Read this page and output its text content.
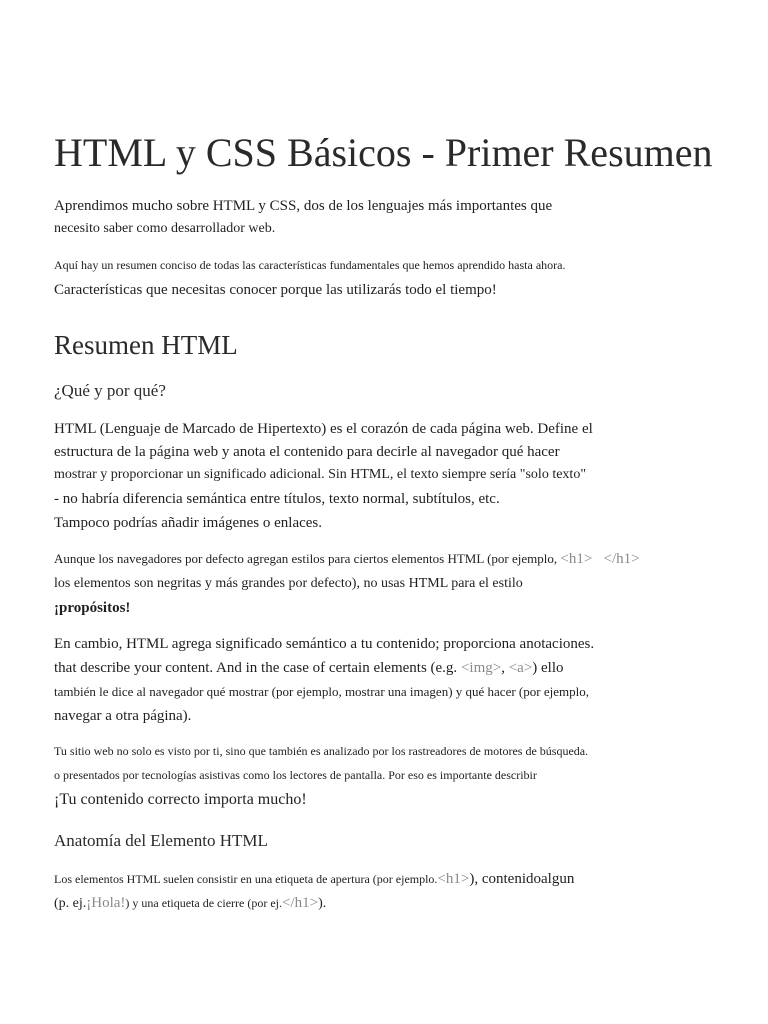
HTML y CSS Básicos - Primer Resumen

Aprendimos mucho sobre HTML y CSS, dos de los lenguajes más importantes que

necesito saber como desarrollador web.

Aquí hay un resumen conciso de todas las características fundamentales que hemos aprendido hasta ahora.

Características que necesitas conocer porque las utilizarás todo el tiempo!

Resumen HTML
¿Qué y por qué?

HTML (Lenguaje de Marcado de Hipertexto) es el corazón de cada página web. Define el

estructura de la página web y anota el contenido para decirle al navegador qué hacer

mostrar y proporcionar un significado adicional. Sin HTML, el texto siempre sería "solo texto"

- no habría diferencia semántica entre títulos, texto normal, subtítulos, etc.

Tampoco podrías añadir imágenes o enlaces.

Aunque los navegadores por defecto agregan estilos para ciertos elementos HTML (por ejemplo, <h1> </h1>

los elementos son negritas y más grandes por defecto), no usas HTML para el estilo

¡propósitos!

En cambio, HTML agrega significado semántico a tu contenido; proporciona anotaciones.

that describe your content. And in the case of certain elements (e.g. <img>, <a>) ello

también le dice al navegador qué mostrar (por ejemplo, mostrar una imagen) y qué hacer (por ejemplo,

navegar a otra página).

Tu sitio web no solo es visto por ti, sino que también es analizado por los rastreadores de motores de búsqueda.

o presentados por tecnologías asistivas como los lectores de pantalla. Por eso es importante describir

¡Tu contenido correcto importa mucho!

Anatomía del Elemento HTML

Los elementos HTML suelen consistir en una etiqueta de apertura (por ejemplo.<h1>), contenidoalgun

(p. ej.¡Hola!) y una etiqueta de cierre (por ej.</h1>).
